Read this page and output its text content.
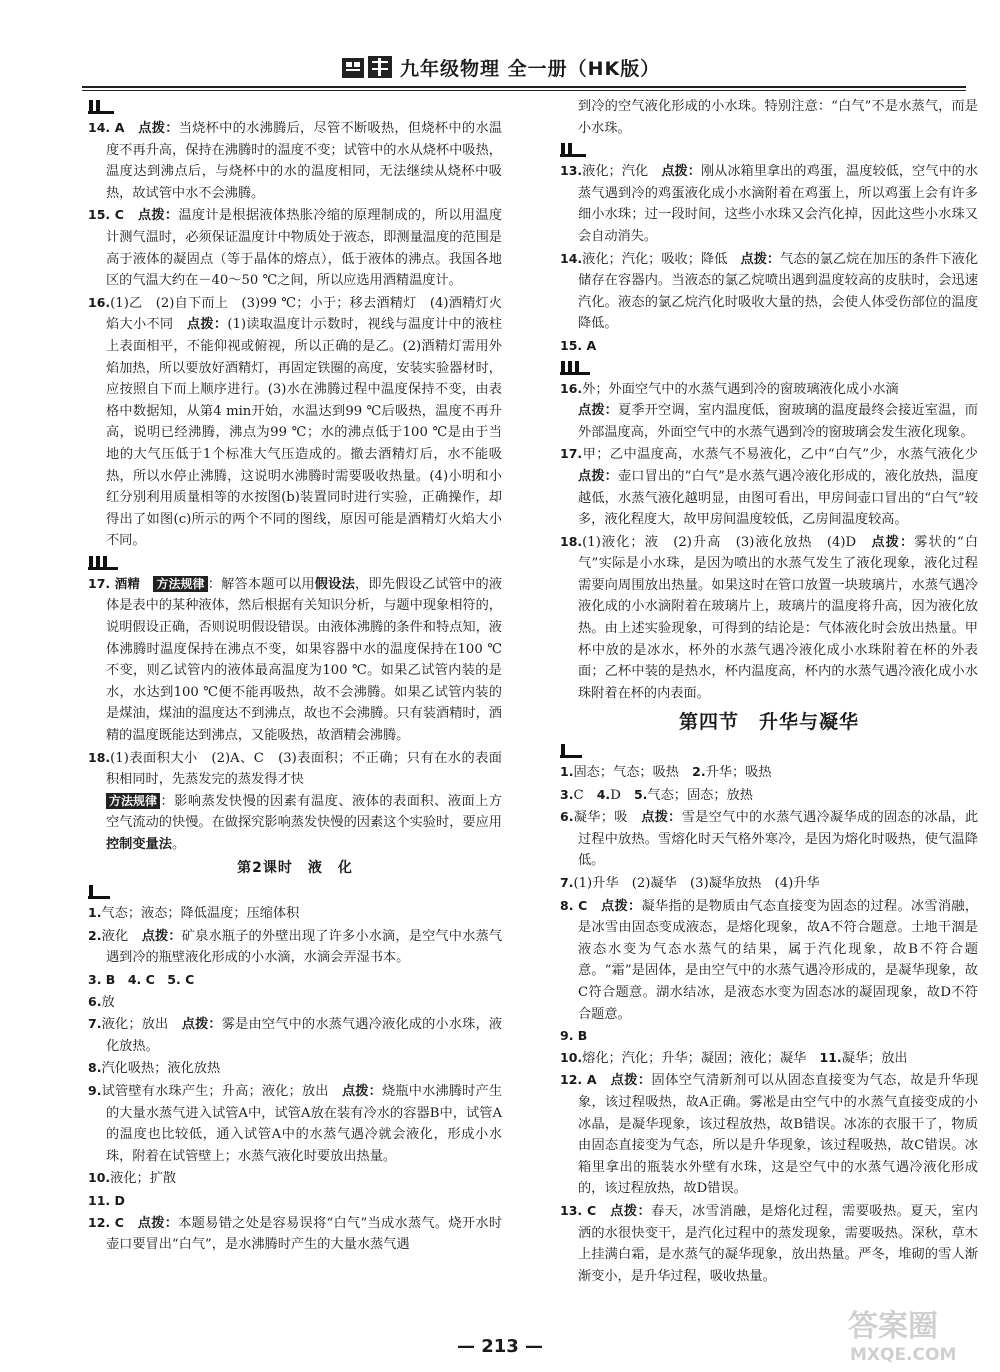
九年级物理 全一册（HK版）

14. A　 点拨：当烧杯中的水沸腾后，尽管不断吸热，但烧杯中的水温度不再升高，保持在沸腾时的温度不变；试管中的水从烧杯中吸热，温度达到沸点后，与烧杯中的水的温度相同，无法继续从烧杯中吸热，故试管中水不会沸腾。

15. C　 点拨：温度计是根据液体热胀冷缩的原理制成的，所以用温度计测气温时，必须保证温度计中物质处于液态，即测量温度的范围是高于液体的凝固点（等于晶体的熔点），低于液体的沸点。我国各地区的气温大约在－40～50 ℃之间，所以应选用酒精温度计。

16.(1)乙　(2)自下而上　(3)99 ℃；小于；移去酒精灯　(4)酒精灯火焰大小不同　 点拨：(1)读取温度计示数时，视线与温度计中的液柱上表面相平，不能仰视或俯视，所以正确的是乙。(2)酒精灯需用外焰加热，所以要放好酒精灯，再固定铁圈的高度，安装实验器材时，应按照自下而上顺序进行。(3)水在沸腾过程中温度保持不变，由表格中数据知，从第4 min开始，水温达到99 ℃后吸热，温度不再升高，说明已经沸腾，沸点为99 ℃；水的沸点低于100 ℃是由于当地的大气压低于1个标准大气压造成的。撤去酒精灯后，水不能吸热，所以水停止沸腾，这说明水沸腾时需要吸收热量。(4)小明和小红分别利用质量相等的水按图(b)装置同时进行实验，正确操作，却得出了如图(c)所示的两个不同的图线，原因可能是酒精灯火焰大小不同。

17. 酒精　 方法规律 ：解答本题可以用假设法，即先假设乙试管中的液体是表中的某种液体，然后根据有关知识分析，与题中现象相符的，说明假设正确，否则说明假设错误。由液体沸腾的条件和特点知，液体沸腾时温度保持在沸点不变，如果容器中水的温度保持在100 ℃不变，则乙试管内的液体最高温度为100 ℃。如果乙试管内装的是水，水达到100 ℃便不能再吸热，故不会沸腾。如果乙试管内装的是煤油，煤油的温度达不到沸点，故也不会沸腾。只有装酒精时，酒精的温度既能达到沸点，又能吸热，故酒精会沸腾。

18.(1)表面积大小　(2)A、C　(3)表面积；不正确；只有在水的表面积相同时，先蒸发完的蒸发得才快

方法规律 ：影响蒸发快慢的因素有温度、液体的表面积、液面上方空气流动的快慢。在做探究影响蒸发快慢的因素这个实验时，要应用控制变量法。

第2课时　液　化

1.气态；液态；降低温度；压缩体积

2.液化　 点拨：矿泉水瓶子的外壁出现了许多小水滴，是空气中水蒸气遇到冷的瓶壁液化形成的小水滴，水滴会弄湿书本。

3. B　4. C　5. C

6.放

7.液化；放出　 点拨：雾是由空气中的水蒸气遇冷液化成的小水珠，液化放热。

8.汽化吸热；液化放热

9.试管壁有水珠产生；升高；液化；放出　 点拨：烧瓶中水沸腾时产生的大量水蒸气进入试管A中，试管A放在装有冷水的容器B中，试管A的温度也比较低，通入试管A中的水蒸气遇冷就会液化，形成小水珠，附着在试管壁上；水蒸气液化时要放出热量。

10.液化；扩散

11. D

12. C　 点拨：本题易错之处是容易误将“白气”当成水蒸气。烧开水时壶口要冒出“白气”，是水沸腾时产生的大量水蒸气遇

到冷的空气液化形成的小水珠。特别注意：“白气”不是水蒸气，而是小水珠。

13.液化；汽化　 点拨：刚从冰箱里拿出的鸡蛋，温度较低，空气中的水蒸气遇到冷的鸡蛋液化成小水滴附着在鸡蛋上，所以鸡蛋上会有许多细小水珠；过一段时间，这些小水珠又会汽化掉，因此这些小水珠又会自动消失。

14.液化；汽化；吸收；降低　 点拨：气态的氯乙烷在加压的条件下液化储存在容器内。当液态的氯乙烷喷出遇到温度较高的皮肤时，会迅速汽化。液态的氯乙烷汽化时吸收大量的热，会使人体受伤部位的温度降低。

15. A

16.外；外面空气中的水蒸气遇到冷的窗玻璃液化成小水滴
点拨：夏季开空调，室内温度低，窗玻璃的温度最终会接近室温，而外部温度高，外面空气中的水蒸气遇到冷的窗玻璃会发生液化现象。

17.甲；乙中温度高，水蒸气不易液化，乙中“白气”少，水蒸气液化少　点拨：壶口冒出的“白气”是水蒸气遇冷液化形成的，液化放热，温度越低，水蒸气液化越明显，由图可看出，甲房间壶口冒出的“白气”较多，液化程度大，故甲房间温度较低，乙房间温度较高。

18.(1)液化；液　(2)升高　(3)液化放热　(4)D　 点拨：雾状的“白气”实际是小水珠，是因为喷出的水蒸气发生了液化现象，液化过程需要向周围放出热量。如果这时在管口放置一块玻璃片，水蒸气遇冷液化成的小水滴附着在玻璃片上，玻璃片的温度将升高，因为液化放热。由上述实验现象，可得到的结论是：气体液化时会放出热量。甲杯中放的是冰水，杯外的水蒸气遇冷液化成小水珠附着在杯的外表面；乙杯中装的是热水，杯内温度高，杯内的水蒸气遇冷液化成小水珠附着在杯的内表面。

第四节　升华与凝华

1.固态；气态；吸热　2.升华；吸热

3.C　4.D　5.气态；固态；放热

6.凝华；吸　 点拨：雪是空气中的水蒸气遇冷凝华成的固态的冰晶，此过程中放热。雪熔化时天气格外寒冷，是因为熔化时吸热，使气温降低。

7.(1)升华　(2)凝华　(3)凝华放热　(4)升华

8. C　 点拨：凝华指的是物质由气态直接变为固态的过程。冰雪消融，是冰雪由固态变成液态，是熔化现象，故A不符合题意。土地干涸是液态水变为气态水蒸气的结果，属于汽化现象，故B不符合题意。“霜”是固体，是由空气中的水蒸气遇冷形成的，是凝华现象，故C符合题意。湖水结冰，是液态水变为固态冰的凝固现象，故D不符合题意。

9. B

10.熔化；汽化；升华；凝固；液化；凝华　11.凝华；放出

12. A　 点拨：固体空气清新剂可以从固态直接变为气态，故是升华现象，该过程吸热，故A正确。雾凇是由空气中的水蒸气直接变成的小冰晶，是凝华现象，该过程放热，故B错误。冰冻的衣服干了，物质由固态直接变为气态，所以是升华现象，该过程吸热，故C错误。冰箱里拿出的瓶装水外壁有水珠，这是空气中的水蒸气遇冷液化形成的，该过程放热，故D错误。

13. C　 点拨：春天，冰雪消融，是熔化过程，需要吸热。夏天，室内洒的水很快变干，是汽化过程中的蒸发现象，需要吸热。深秋，草木上挂满白霜，是水蒸气的凝华现象，放出热量。严冬，堆砌的雪人渐渐变小，是升华过程，吸收热量。

— 213 —
答案圈
MXQE.COM
